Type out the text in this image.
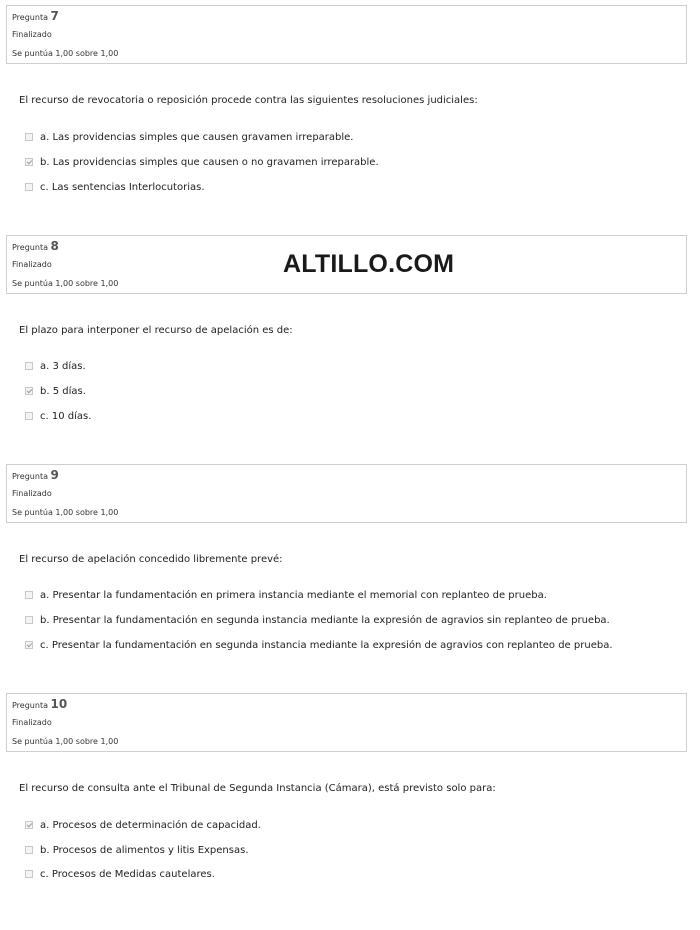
Pregunta 7
Finalizado
Se puntúa 1,00 sobre 1,00
El recurso de revocatoria o reposición procede contra las siguientes resoluciones judiciales:
a. Las providencias simples que causen gravamen irreparable.
b. Las providencias simples que causen o no gravamen irreparable.
c. Las sentencias Interlocutorias.
Pregunta 8
Finalizado
Se puntúa 1,00 sobre 1,00
ALTILLO.COM
El plazo para interponer el recurso de apelación es de:
a. 3 días.
b. 5 días.
c. 10 días.
Pregunta 9
Finalizado
Se puntúa 1,00 sobre 1,00
El recurso de apelación concedido libremente prevé:
a. Presentar la fundamentación en primera instancia mediante el memorial con replanteo de prueba.
b. Presentar la fundamentación en segunda instancia mediante la expresión de agravios sin replanteo de prueba.
c. Presentar la fundamentación en segunda instancia mediante la expresión de agravios con replanteo de prueba.
Pregunta 10
Finalizado
Se puntúa 1,00 sobre 1,00
El recurso de consulta ante el Tribunal de Segunda Instancia (Cámara), está previsto solo para:
a. Procesos de determinación de capacidad.
b. Procesos de alimentos y litis Expensas.
c. Procesos de Medidas cautelares.
